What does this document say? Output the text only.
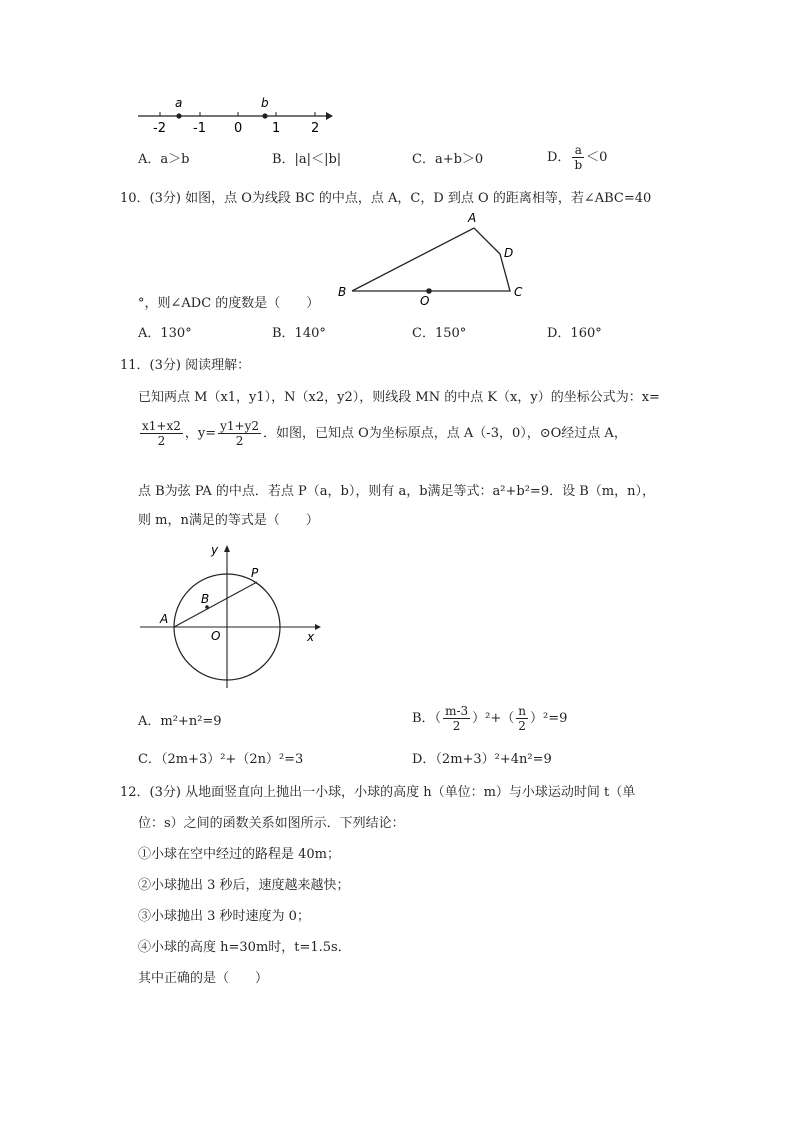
a	b
-2 -1 0 1 2
A．a＞b	B．|a|＜|b|	C．a+b＞0	D． $\frac{a}{b} <0$
10．(3分) 如图，点 O为线段 BC 的中点，点 A，C，D 到点 O 的距离相等，若∠ABC=40
A
D
C
B
O
°，则∠ADC 的度数是（　　）
A．130°	B．140°	C．150°	D．160°
11．(3分) 阅读理解：
已知两点 M（x1，y1），N（x2，y2），则线段 MN 的中点 K（x，y）的坐标公式为：x=
$\frac{x1+x2}{2}$ ，$y= \frac{y1+y2}{2}$ ．如图，已知点 O为坐标原点，点 A（-3，0），⊙O经过点 A，
点 B为弦 PA 的中点．若点 P（a，b），则有 a，b满足等式：a²+b²=9．设 B（m，n），
则 m，n满足的等式是（　　）
y
x
A
B
O
P
A．m²+n²=9	B．（ $\frac{m-3}{2} )^2+( \frac{n}{2} )^2=9$
C．（2m+3）²+（2n）²=3	D．（2m+3）²+4n²=9
12．(3分) 从地面竖直向上抛出一小球，小球的高度 h（单位：m）与小球运动时间 t（单
位：s）之间的函数关系如图所示．下列结论：
①小球在空中经过的路程是 40m；
②小球抛出 3 秒后，速度越来越快；
③小球抛出 3 秒时速度为 0；
④小球的高度 h=30m时，t=1.5s．
其中正确的是（　　）
